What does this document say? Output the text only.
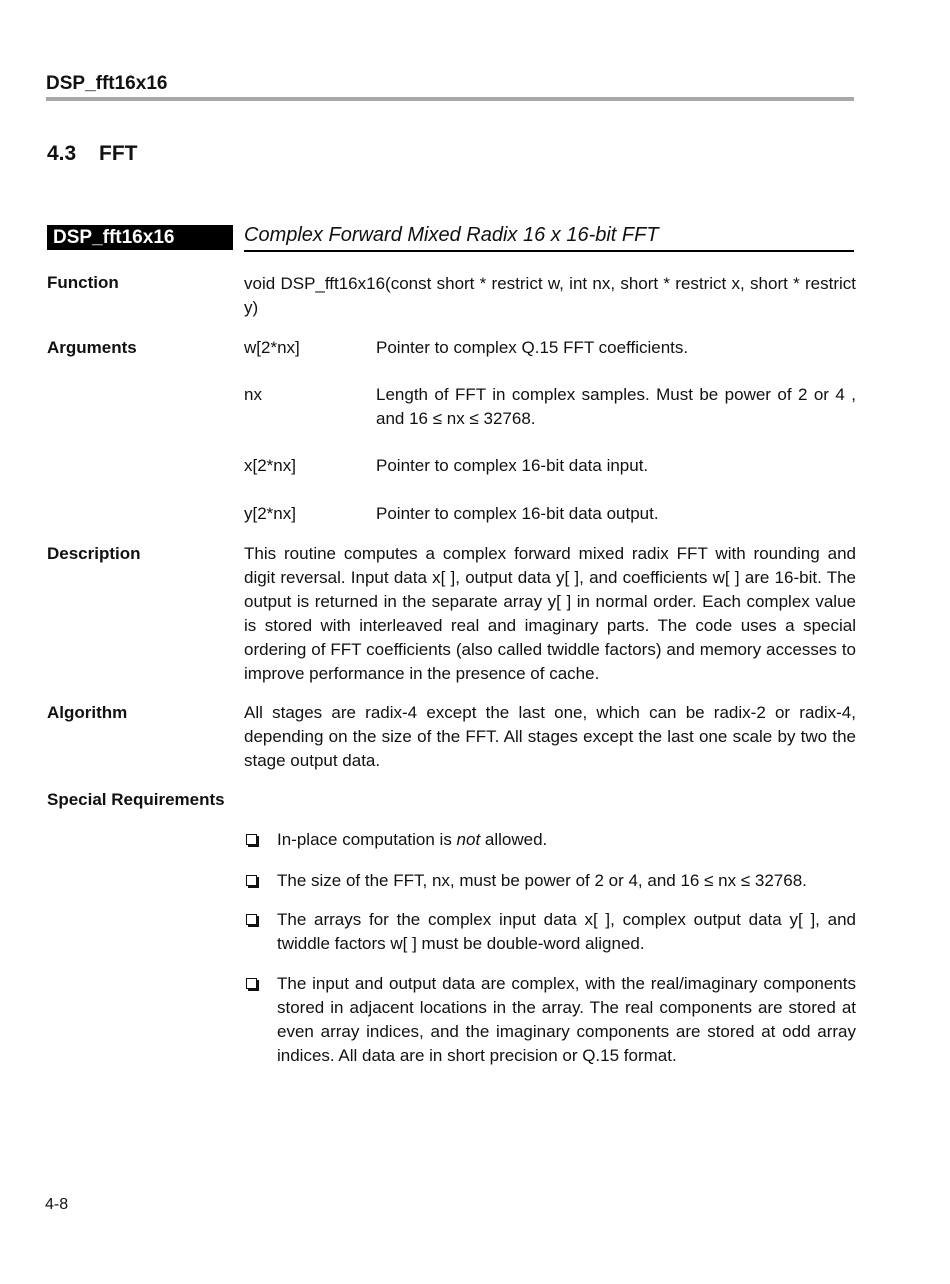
DSP_fft16x16
4.3 FFT
DSP_fft16x16	Complex Forward Mixed Radix 16 x 16-bit FFT
Function	void DSP_fft16x16(const short * restrict w, int nx, short * restrict x, short * restrict y)
Arguments	w[2*nx]	Pointer to complex Q.15 FFT coefficients.
nx	Length of FFT in complex samples. Must be power of 2 or 4 , and 16 ≤ nx ≤ 32768.
x[2*nx]	Pointer to complex 16-bit data input.
y[2*nx]	Pointer to complex 16-bit data output.
Description	This routine computes a complex forward mixed radix FFT with rounding and digit reversal. Input data x[ ], output data y[ ], and coefficients w[ ] are 16-bit. The output is returned in the separate array y[ ] in normal order. Each complex value is stored with interleaved real and imaginary parts. The code uses a special ordering of FFT coefficients (also called twiddle factors) and memory accesses to improve performance in the presence of cache.
Algorithm	All stages are radix-4 except the last one, which can be radix-2 or radix-4, depending on the size of the FFT. All stages except the last one scale by two the stage output data.
Special Requirements
In-place computation is not allowed.
The size of the FFT, nx, must be power of 2 or 4, and 16 ≤ nx ≤ 32768.
The arrays for the complex input data x[ ], complex output data y[ ], and twiddle factors w[ ] must be double-word aligned.
The input and output data are complex, with the real/imaginary components stored in adjacent locations in the array. The real components are stored at even array indices, and the imaginary components are stored at odd array indices. All data are in short precision or Q.15 format.
4-8
